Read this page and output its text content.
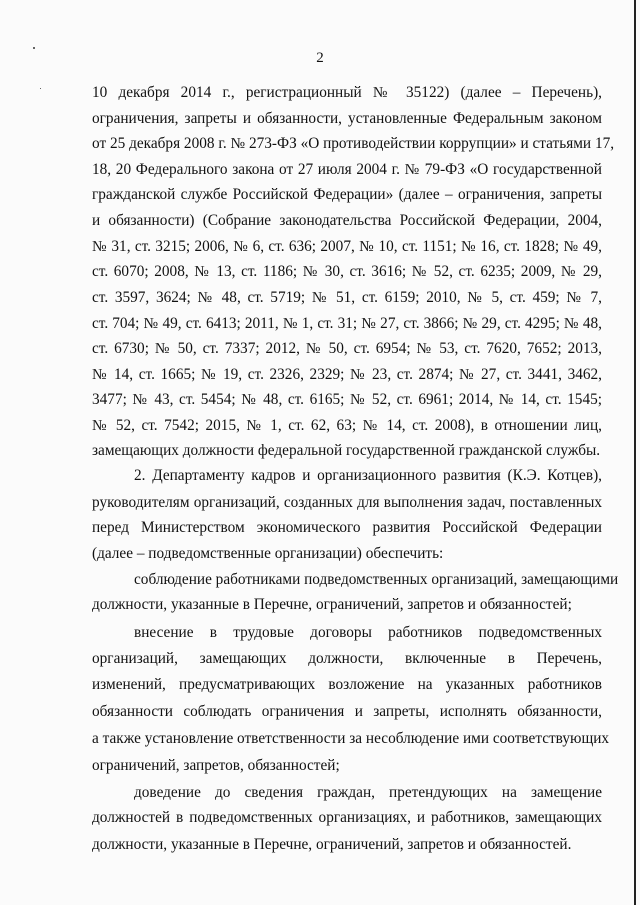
2
10 декабря 2014 г., регистрационный № 35122) (далее – Перечень),
ограничения, запреты и обязанности, установленные Федеральным законом
от 25 декабря 2008 г. № 273-ФЗ «О противодействии коррупции» и статьями 17,
18, 20 Федерального закона от 27 июля 2004 г. № 79-ФЗ «О государственной
гражданской службе Российской Федерации» (далее – ограничения, запреты
и обязанности) (Собрание законодательства Российской Федерации, 2004,
№ 31, ст. 3215; 2006, № 6, ст. 636; 2007, № 10, ст. 1151; № 16, ст. 1828; № 49,
ст. 6070; 2008, № 13, ст. 1186; № 30, ст. 3616; № 52, ст. 6235; 2009, № 29,
ст. 3597, 3624; № 48, ст. 5719; № 51, ст. 6159; 2010, № 5, ст. 459; № 7,
ст. 704; № 49, ст. 6413; 2011, № 1, ст. 31; № 27, ст. 3866; № 29, ст. 4295; № 48,
ст. 6730; № 50, ст. 7337; 2012, № 50, ст. 6954; № 53, ст. 7620, 7652; 2013,
№ 14, ст. 1665; № 19, ст. 2326, 2329; № 23, ст. 2874; № 27, ст. 3441, 3462,
3477; № 43, ст. 5454; № 48, ст. 6165; № 52, ст. 6961; 2014, № 14, ст. 1545;
№ 52, ст. 7542; 2015, № 1, ст. 62, 63; № 14, ст. 2008), в отношении лиц,
замещающих должности федеральной государственной гражданской службы.
2. Департаменту кадров и организационного развития (К.Э. Котцев),
руководителям организаций, созданных для выполнения задач, поставленных
перед Министерством экономического развития Российской Федерации
(далее – подведомственные организации) обеспечить:
соблюдение работниками подведомственных организаций, замещающими
должности, указанные в Перечне, ограничений, запретов и обязанностей;
внесение в трудовые договоры работников подведомственных
организаций, замещающих должности, включенные в Перечень,
изменений, предусматривающих возложение на указанных работников
обязанности соблюдать ограничения и запреты, исполнять обязанности,
а также установление ответственности за несоблюдение ими соответствующих
ограничений, запретов, обязанностей;
доведение до сведения граждан, претендующих на замещение
должностей в подведомственных организациях, и работников, замещающих
должности, указанные в Перечне, ограничений, запретов и обязанностей.
